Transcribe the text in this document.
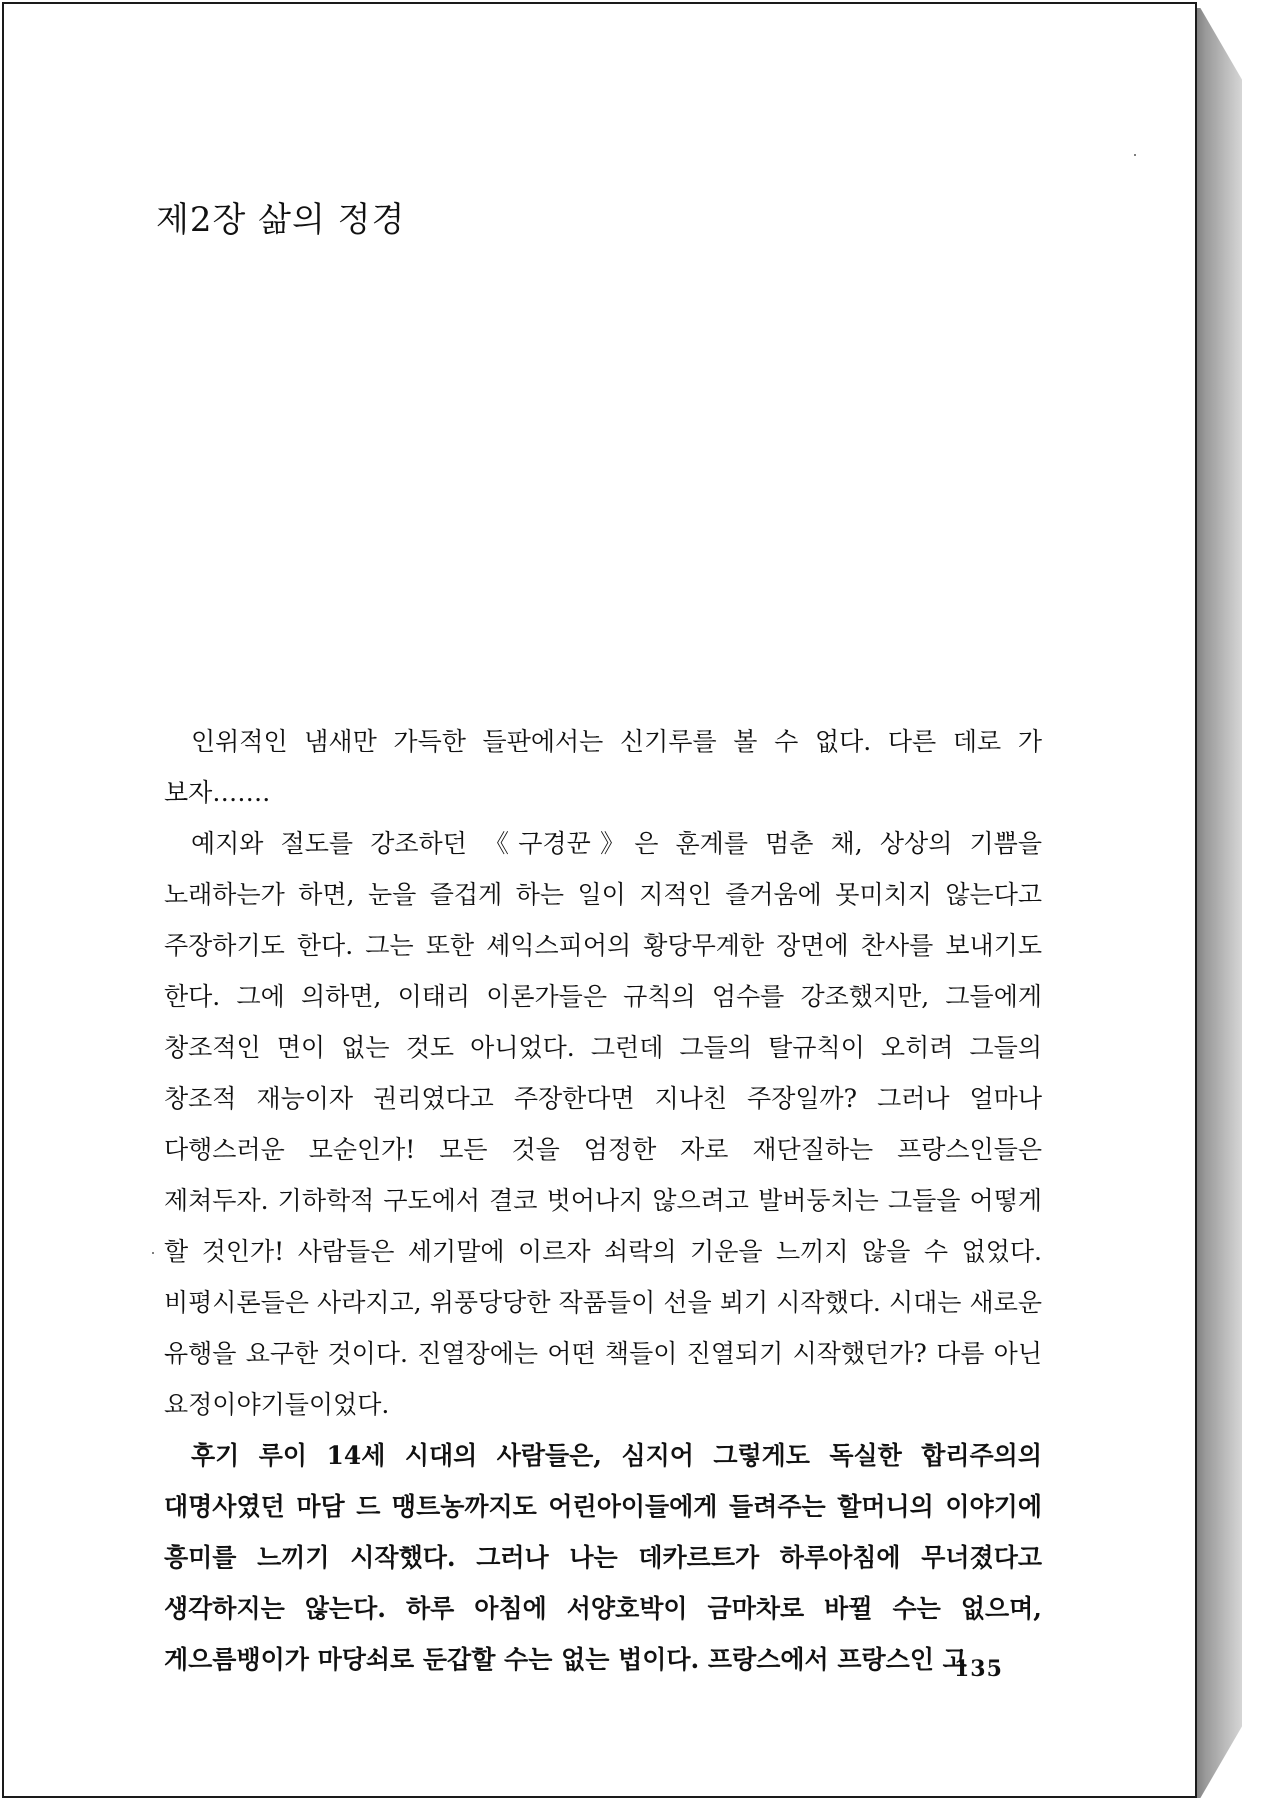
제2장 삶의 정경

인위적인 냄새만 가득한 들판에서는 신기루를 볼 수 없다. 다른 데로 가 보자…….

예지와 절도를 강조하던 《구경꾼》은 훈계를 멈춘 채, 상상의 기쁨을 노래하는가 하면, 눈을 즐겁게 하는 일이 지적인 즐거움에 못미치지 않는다고 주장하기도 한다. 그는 또한 셰익스피어의 황당무계한 장면에 찬사를 보내기도 한다. 그에 의하면, 이태리 이론가들은 규칙의 엄수를 강조했지만, 그들에게 창조적인 면이 없는 것도 아니었다. 그런데 그들의 탈규칙이 오히려 그들의 창조적 재능이자 권리였다고 주장한다면 지나친 주장일까? 그러나 얼마나 다행스러운 모순인가! 모든 것을 엄정한 자로 재단질하는 프랑스인들은 제쳐두자. 기하학적 구도에서 결코 벗어나지 않으려고 발버둥치는 그들을 어떻게 할 것인가! 사람들은 세기말에 이르자 쇠락의 기운을 느끼지 않을 수 없었다. 비평시론들은 사라지고, 위풍당당한 작품들이 선을 뵈기 시작했다. 시대는 새로운 유행을 요구한 것이다. 진열장에는 어떤 책들이 진열되기 시작했던가? 다름 아닌 요정이야기들이었다.

후기 루이 14세 시대의 사람들은, 심지어 그렇게도 독실한 합리주의의 대명사였던 마담 드 맹트농까지도 어린아이들에게 들려주는 할머니의 이야기에 흥미를 느끼기 시작했다. 그러나 나는 데카르트가 하루아침에 무너졌다고 생각하지는 않는다. 하루 아침에 서양호박이 금마차로 바뀔 수는 없으며, 게으름뱅이가 마당쇠로 둔갑할 수는 없는 법이다. 프랑스에서 프랑스인 고

135
